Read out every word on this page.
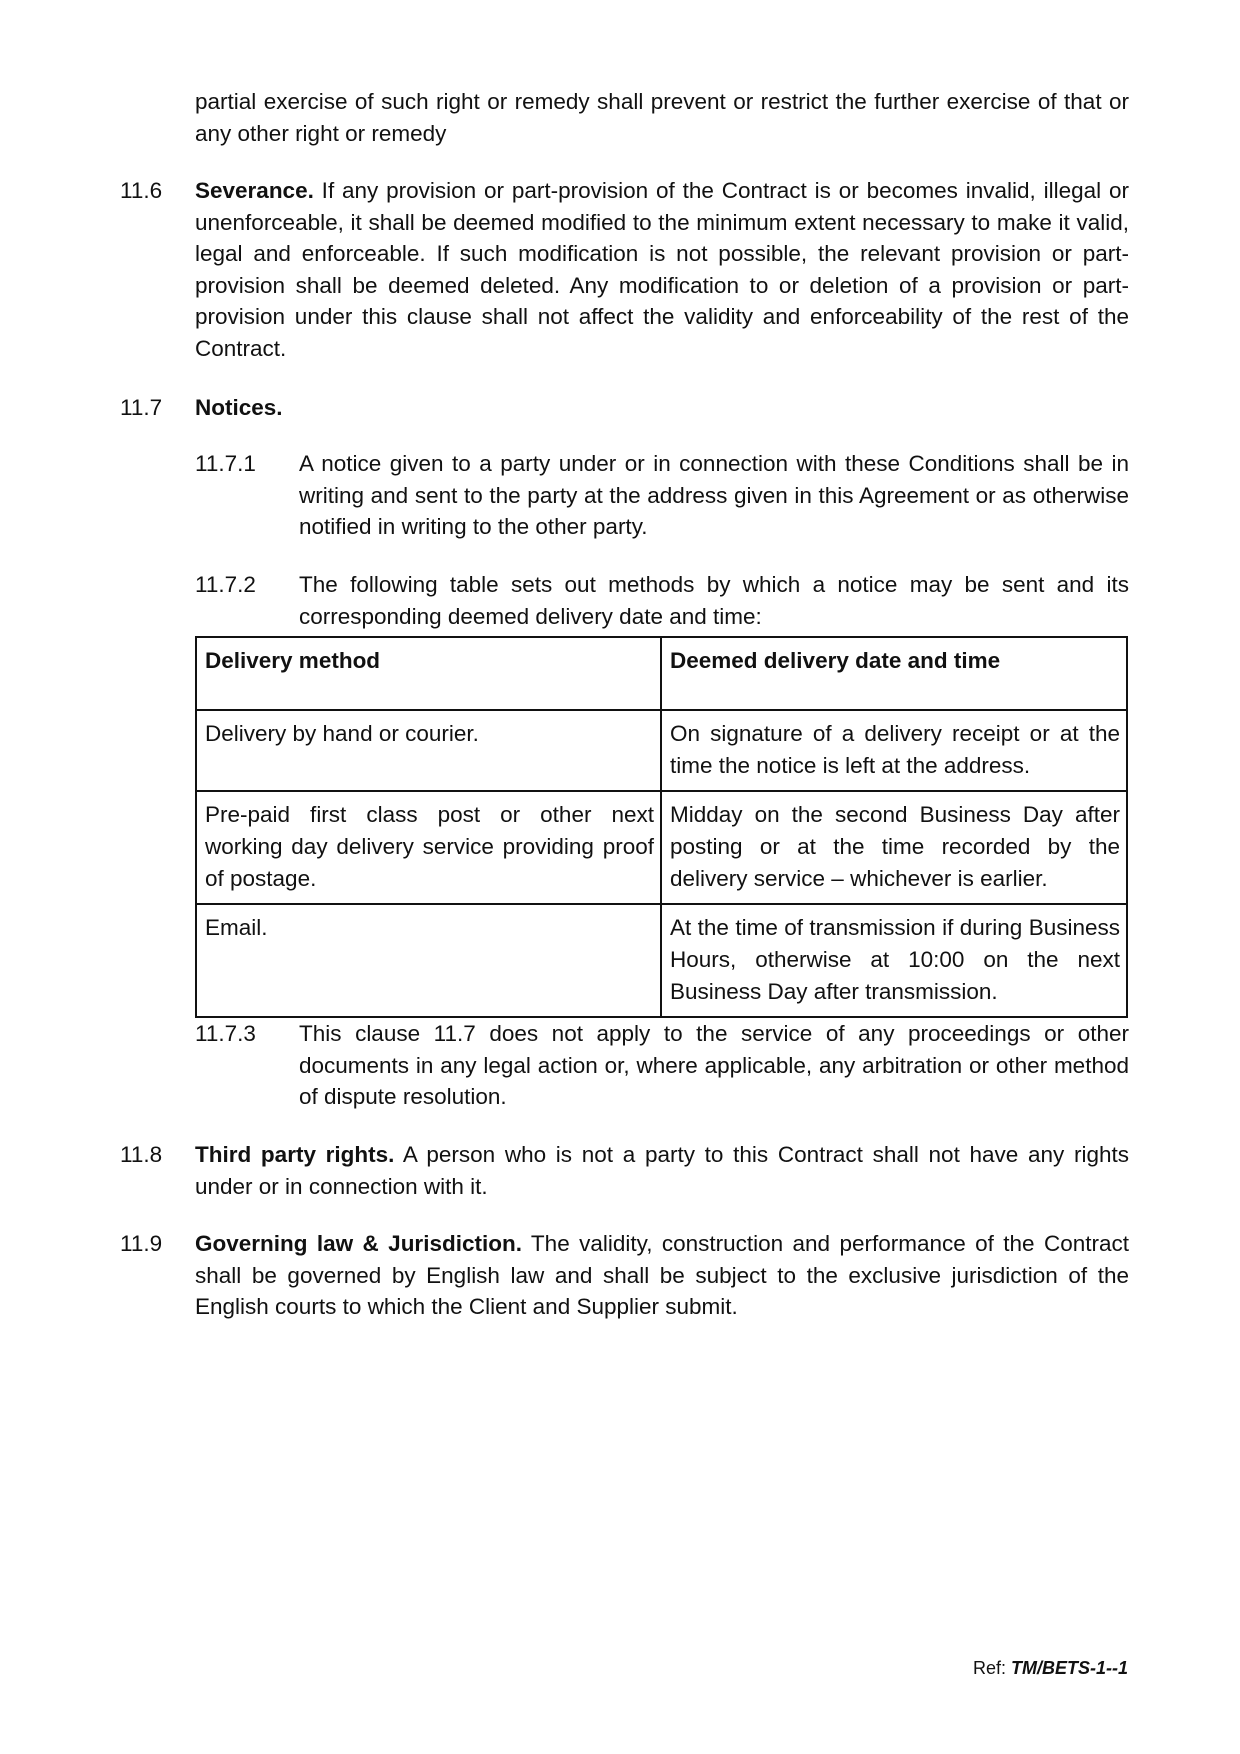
partial exercise of such right or remedy shall prevent or restrict the further exercise of that or any other right or remedy

11.6 Severance. If any provision or part-provision of the Contract is or becomes invalid, illegal or unenforceable, it shall be deemed modified to the minimum extent necessary to make it valid, legal and enforceable. If such modification is not possible, the relevant provision or part-provision shall be deemed deleted. Any modification to or deletion of a provision or part-provision under this clause shall not affect the validity and enforceability of the rest of the Contract.

11.7 Notices.
11.7.1 A notice given to a party under or in connection with these Conditions shall be in writing and sent to the party at the address given in this Agreement or as otherwise notified in writing to the other party.

11.7.2 The following table sets out methods by which a notice may be sent and its corresponding deemed delivery date and time:

Delivery method	Deemed delivery date and time
Delivery by hand or courier.	On signature of a delivery receipt or at the time the notice is left at the address.
Pre-paid first class post or other next working day delivery service providing proof of postage.	Midday on the second Business Day after posting or at the time recorded by the delivery service – whichever is earlier.
Email.	At the time of transmission if during Business Hours, otherwise at 10:00 on the next Business Day after transmission.
11.7.3 This clause 11.7 does not apply to the service of any proceedings or other documents in any legal action or, where applicable, any arbitration or other method of dispute resolution.

11.8 Third party rights. A person who is not a party to this Contract shall not have any rights under or in connection with it.

11.9 Governing law & Jurisdiction. The validity, construction and performance of the Contract shall be governed by English law and shall be subject to the exclusive jurisdiction of the English courts to which the Client and Supplier submit.

Ref: TM/BETS-1--1
